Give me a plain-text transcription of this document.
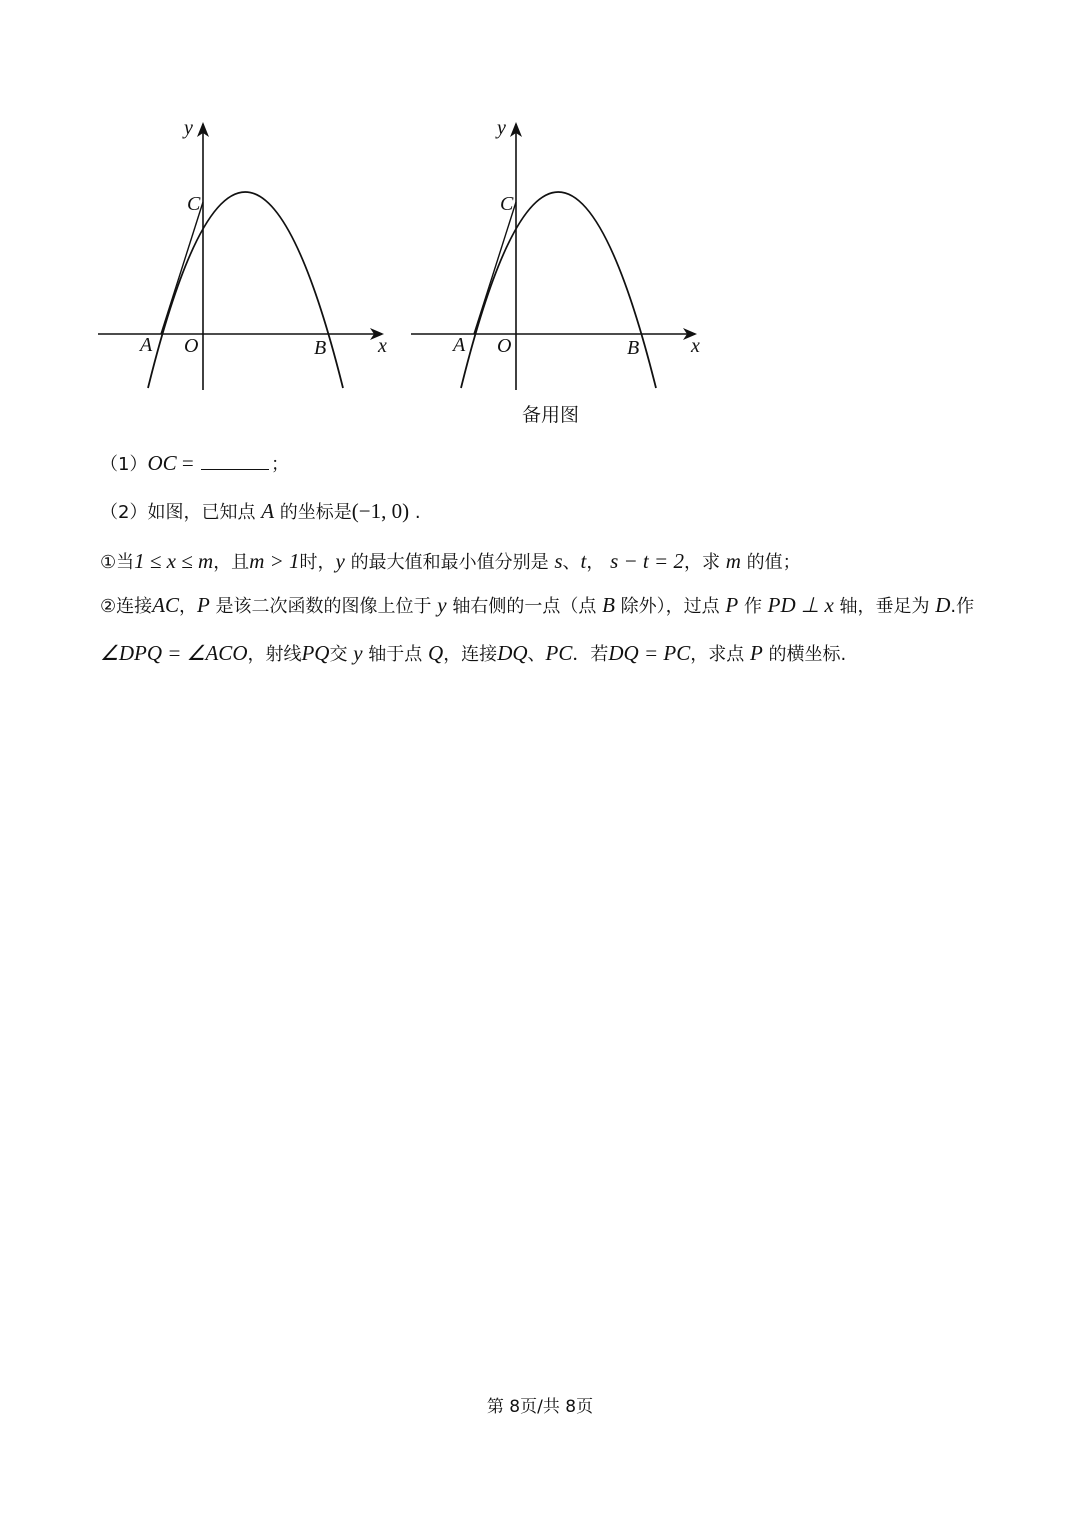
y
x
C
A O	B
y
x
C
A O	B
备用图
（1）OC =	；
（2）如图，已知点 A 的坐标是(−1, 0) .
①当1 ≤ x ≤ m，且m > 1时，y 的最大值和最小值分别是 s、t， s − t = 2，求 m 的值；
②连接AC，P 是该二次函数的图像上位于 y 轴右侧的一点（点 B 除外），过点 P 作 PD ⊥ x 轴，垂足为 D.作
∠DPQ = ∠ACO，射线PQ交 y 轴于点 Q，连接DQ、PC．若DQ = PC，求点 P 的横坐标.
第 8页/共 8页
